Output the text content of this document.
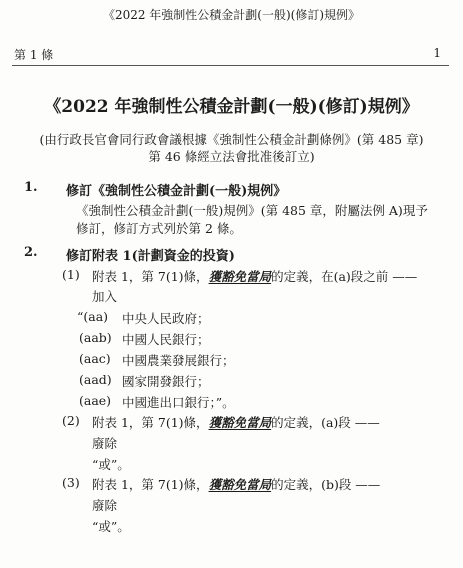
《2022 年強制性公積金計劃(一般)(修訂)規例》
第 1 條	1
《2022 年強制性公積金計劃(一般)(修訂)規例》
(由行政長官會同行政會議根據《強制性公積金計劃條例》(第 485 章)
第 46 條經立法會批准後訂立)
1. 修訂《強制性公積金計劃(一般)規例》
《強制性公積金計劃(一般)規例》(第 485 章，附屬法例 A)現予
修訂，修訂方式列於第 2 條。
2. 修訂附表 1(計劃資金的投資)
(1) 附表 1，第 7(1)條，獲豁免當局的定義，在(a)段之前 ——
加入
“(aa) 中央人民政府；
(aab) 中國人民銀行；
(aac) 中國農業發展銀行；
(aad) 國家開發銀行；
(aae) 中國進出口銀行；”。
(2) 附表 1，第 7(1)條，獲豁免當局的定義，(a)段 ——
廢除
“或”。
(3) 附表 1，第 7(1)條，獲豁免當局的定義，(b)段 ——
廢除
“或”。
